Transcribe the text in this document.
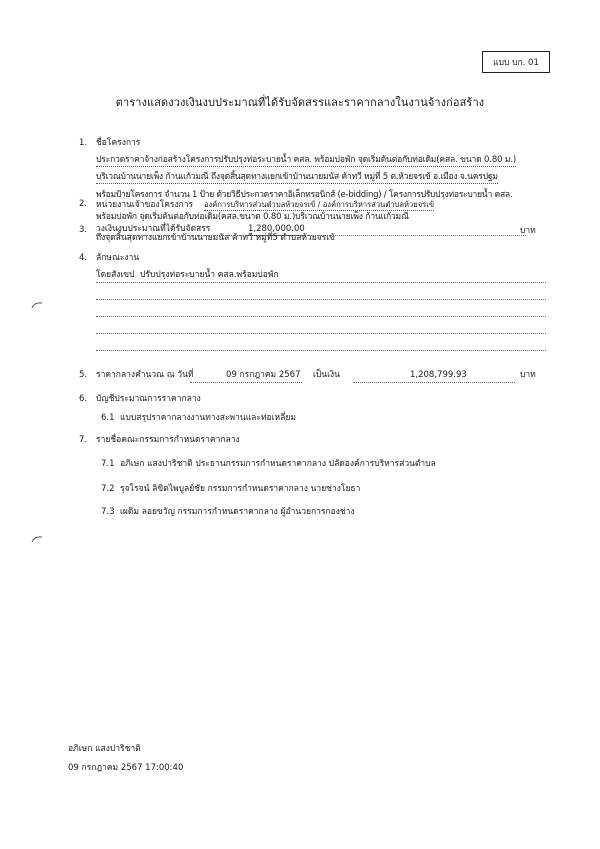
แบบ บก. 01
ตารางแสดงวงเงินงบประมาณที่ได้รับจัดสรรและราคากลางในงานจ้างก่อสร้าง
1. ชื่อโครงการ
ประกวดราคาจ้างก่อสร้างโครงการปรับปรุงท่อระบายน้ำ คสล. พร้อมบ่อพัก จุดเริ่มต้นต่อกับท่อเดิม(คสล. ขนาด 0.80 ม.)
บริเวณบ้านนายเพ็ง ก้านแก้วมณี ถึงจุดสิ้นสุดทางแยกเข้าบ้านนายมนัส ค้าทวี หมู่ที่ 5 ต.ห้วยจรเข้ อ.เมือง จ.นครปฐม
2.
พร้อมป้ายโครงการ จำนวน 1 ป้าย ด้วยวิธีประกวดราคาอิเล็กทรอนิกส์ (e-bidding) / โครงการปรับปรุงท่อระบายน้ำ คสล.
หน่วยงานเจ้าของโครงการ องค์การบริหารส่วนตำบลห้วยจรเข้ / องค์การบริหารส่วนตำบลห้วยจรเข้
พร้อมบ่อพัก จุดเริ่มต้นต่อกับท่อเดิม(คสล.ขนาด 0.80 ม.)บริเวณบ้านนายเพ็ง ก้านแก้วมณี
3. วงเงินงบประมาณที่ได้รับจัดสรร	1,280,000.00	บาท
ถึงจุดสิ้นสุดทางแยกเข้าบ้านนายมนัส ค้าทวี หมู่ที่5 ตำบลห้วยจรเข้
4. ลักษณะงาน
โดยสังเขป ปรับปรุงท่อระบายน้ำ คสล.พร้อมบ่อพัก
5. ราคากลางคำนวณ ณ วันที่	09 กรกฎาคม 2567 เป็นเงิน	1,208,799.93	บาท
6. บัญชีประมาณการราคากลาง
6.1 แบบสรุปราคากลางงานทางสะพานและท่อเหลี่ยม
7. รายชื่อคณะกรรมการกำหนดราคากลาง
7.1 อภิเษก แสงปาริชาติ ประธานกรรมการกำหนดราคากลาง ปลัดองค์การบริหารส่วนตำบล
7.2 รุจโรจน์ ลิขิตไพบูลย์ชัย กรรมการกำหนดราคากลาง นายช่างโยธา
7.3 เผดิม ลอยขวัญ กรรมการกำหนดราคากลาง ผู้อำนวยการกองช่าง
อภิเษก แสงปาริชาติ
09 กรกฎาคม 2567 17:00:40
